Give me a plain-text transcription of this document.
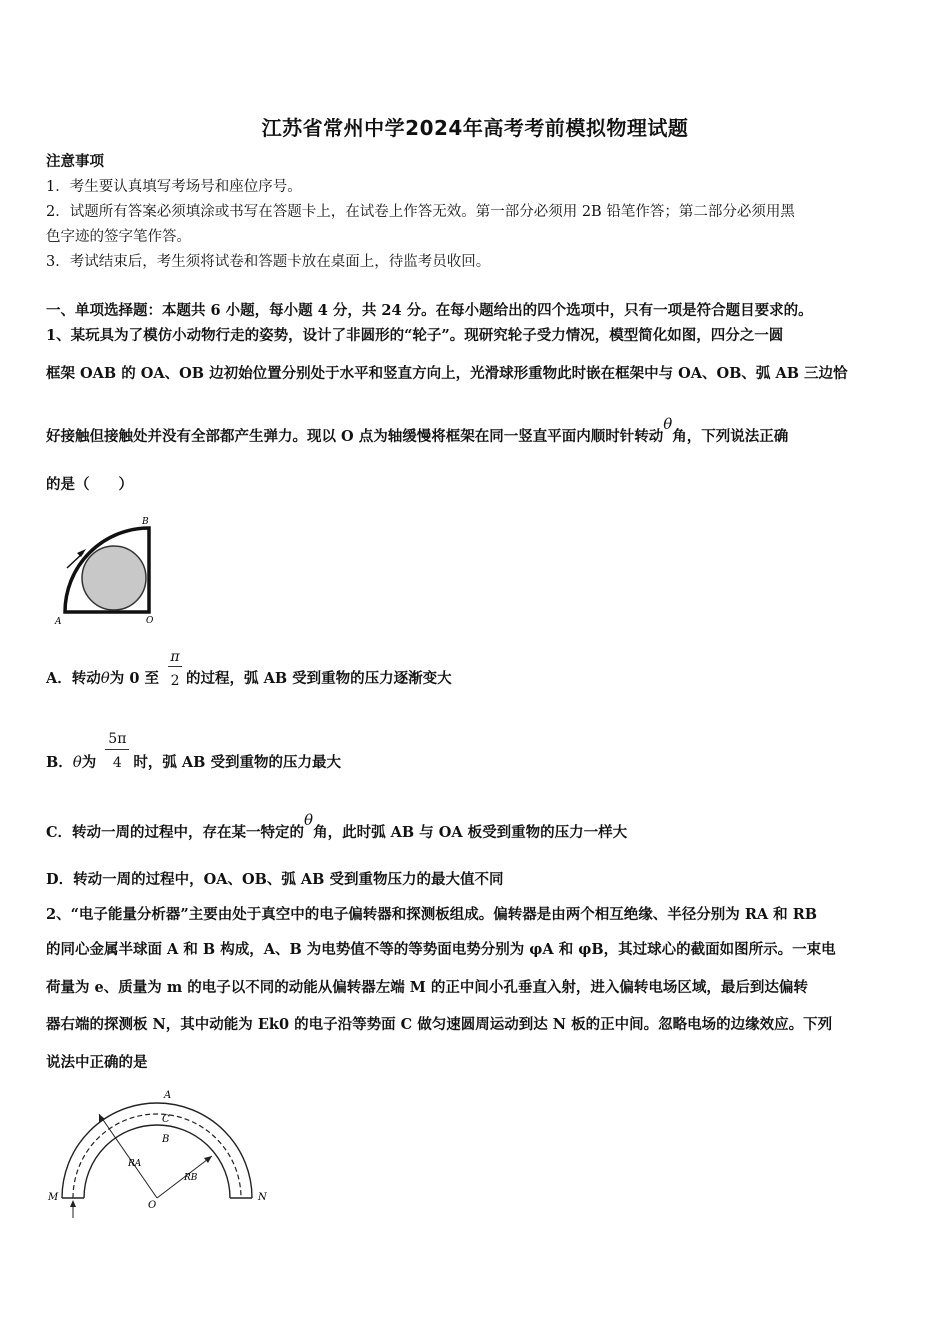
江苏省常州中学2024年高考考前模拟物理试题
注意事项
1．考生要认真填写考场号和座位序号。
2．试题所有答案必须填涂或书写在答题卡上，在试卷上作答无效。第一部分必须用 2B 铅笔作答；第二部分必须用黑
色字迹的签字笔作答。
3．考试结束后，考生须将试卷和答题卡放在桌面上，待监考员收回。
一、单项选择题：本题共 6 小题，每小题 4 分，共 24 分。在每小题给出的四个选项中，只有一项是符合题目要求的。
1、某玩具为了模仿小动物行走的姿势，设计了非圆形的“轮子”。现研究轮子受力情况，模型简化如图，四分之一圆
框架 OAB 的 OA、OB 边初始位置分别处于水平和竖直方向上，光滑球形重物此时嵌在框架中与 OA、OB、弧 AB 三边恰
好接触但接触处并没有全部都产生弹力。现以 O 点为轴缓慢将框架在同一竖直平面内顺时针转动θ角，下列说法正确
的是（　　）
B
A	O
A．转动θ为 0 至 $\frac{\pi}{2}$ 的过程，弧 AB 受到重物的压力逐渐变大
B．θ为 $\frac{5\pi}{4}$ 时，弧 AB 受到重物的压力最大
C．转动一周的过程中，存在某一特定的θ角，此时弧 AB 与 OA 板受到重物的压力一样大
D．转动一周的过程中，OA、OB、弧 AB 受到重物压力的最大值不同
2、“电子能量分析器”主要由处于真空中的电子偏转器和探测板组成。偏转器是由两个相互绝缘、半径分别为 RA 和 RB
的同心金属半球面 A 和 B 构成，A、B 为电势值不等的等势面电势分别为 φA 和 φB，其过球心的截面如图所示。一束电
荷量为 e、质量为 m 的电子以不同的动能从偏转器左端 M 的正中间小孔垂直入射，进入偏转电场区域，最后到达偏转
器右端的探测板 N，其中动能为 Ek0 的电子沿等势面 C 做匀速圆周运动到达 N 板的正中间。忽略电场的边缘效应。下列
说法中正确的是
A
C
B
RA
RB
O
M	N
